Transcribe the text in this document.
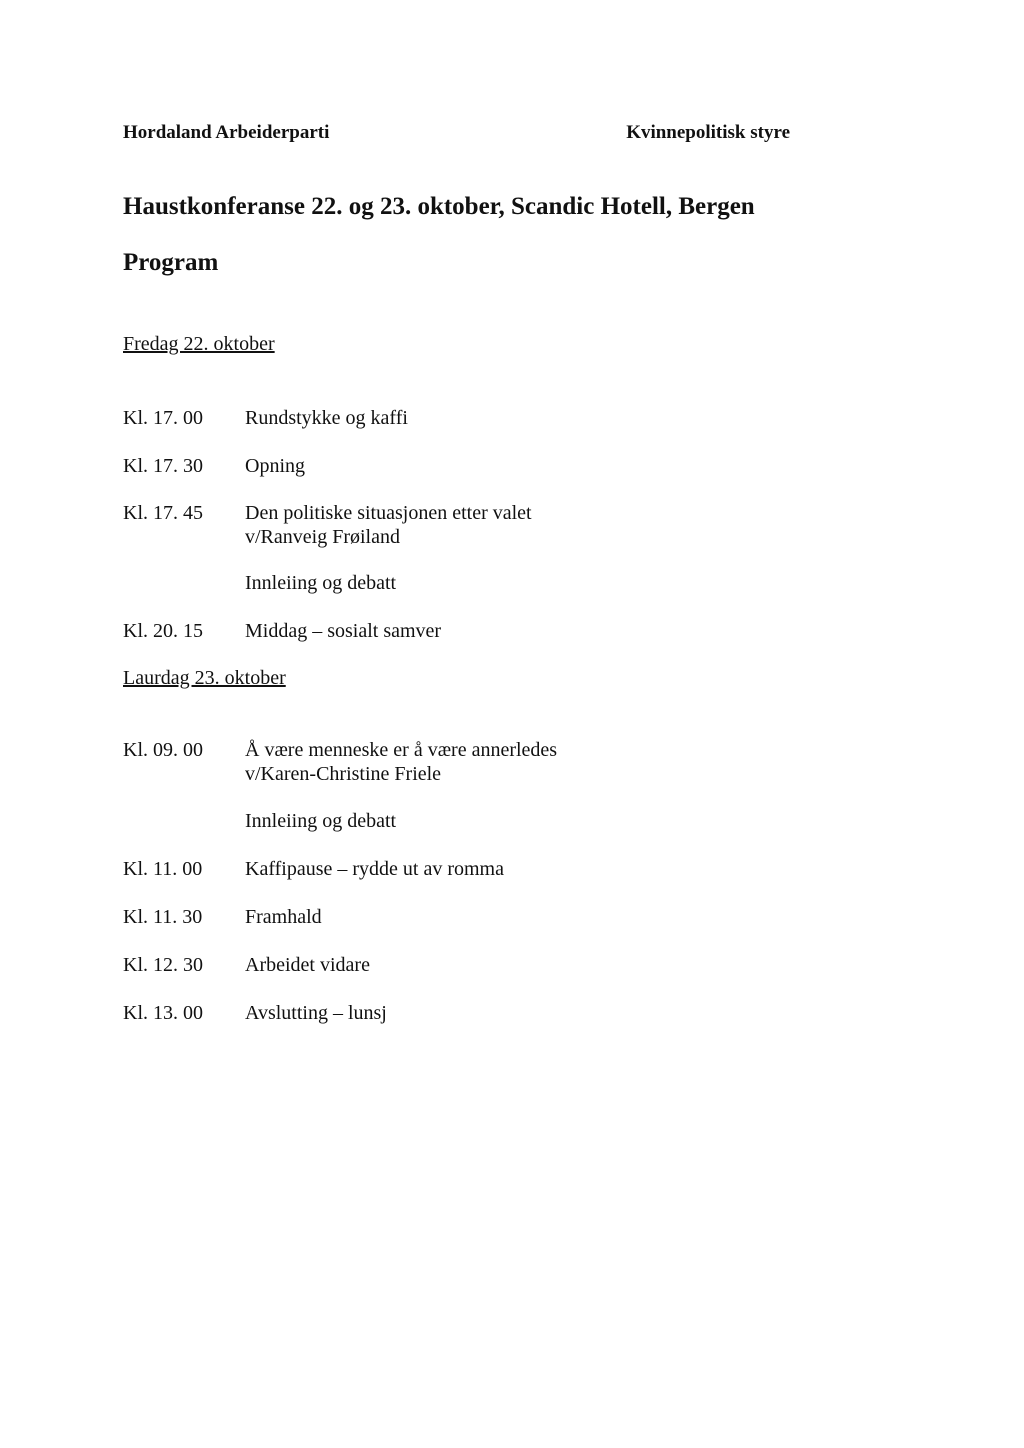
Hordaland Arbeiderparti	Kvinnepolitisk styre
Haustkonferanse 22. og 23. oktober, Scandic Hotell, Bergen
Program
Fredag 22. oktober
Kl. 17. 00 Rundstykke og kaffi
Kl. 17. 30 Opning
Kl. 17. 45 Den politiske situasjonen etter valet
v/Ranveig Frøiland
Innleiing og debatt
Kl. 20. 15 Middag – sosialt samver
Laurdag 23. oktober
Kl. 09. 00 Å være menneske er å være annerledes
v/Karen-Christine Friele
Innleiing og debatt
Kl. 11. 00 Kaffipause – rydde ut av romma
Kl. 11. 30 Framhald
Kl. 12. 30 Arbeidet vidare
Kl. 13. 00 Avslutting – lunsj
